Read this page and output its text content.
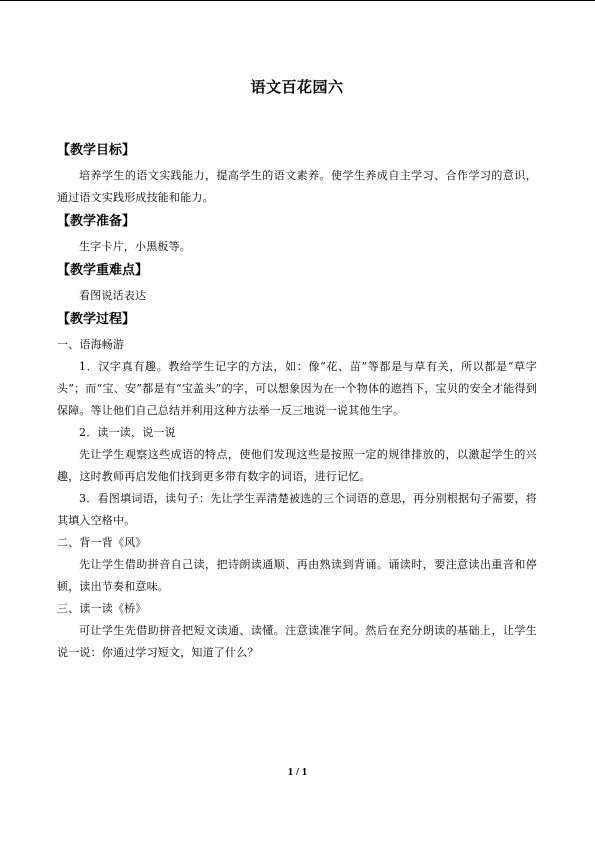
语文百花园六
【教学目标】

培养学生的语文实践能力，提高学生的语文素养。使学生养成自主学习、合作学习的意识，通过语文实践形成技能和能力。

【教学准备】

生字卡片，小黑板等。

【教学重难点】

看图说话表达

【教学过程】

一、语海畅游

1．汉字真有趣。教给学生记字的方法，如：像“花、苗”等都是与草有关，所以都是“草字头”；而“宝、安”都是有“宝盖头”的字，可以想象因为在一个物体的遮挡下，宝贝的安全才能得到保障。等让他们自己总结并利用这种方法举一反三地说一说其他生字。

2．读一读，说一说

先让学生观察这些成语的特点，使他们发现这些是按照一定的规律排放的，以激起学生的兴趣，这时教师再启发他们找到更多带有数字的词语，进行记忆。

3．看图填词语，读句子：先让学生弄清楚被选的三个词语的意思，再分别根据句子需要，将其填入空格中。

二、背一背《风》

先让学生借助拼音自己读，把诗朗读通顺、再由熟读到背诵。诵读时，要注意读出重音和停顿，读出节奏和意味。

三、读一读《桥》

可让学生先借助拼音把短文读通、读懂。注意读准字间。然后在充分朗读的基础上，让学生说一说：你通过学习短文，知道了什么？

1 / 1
